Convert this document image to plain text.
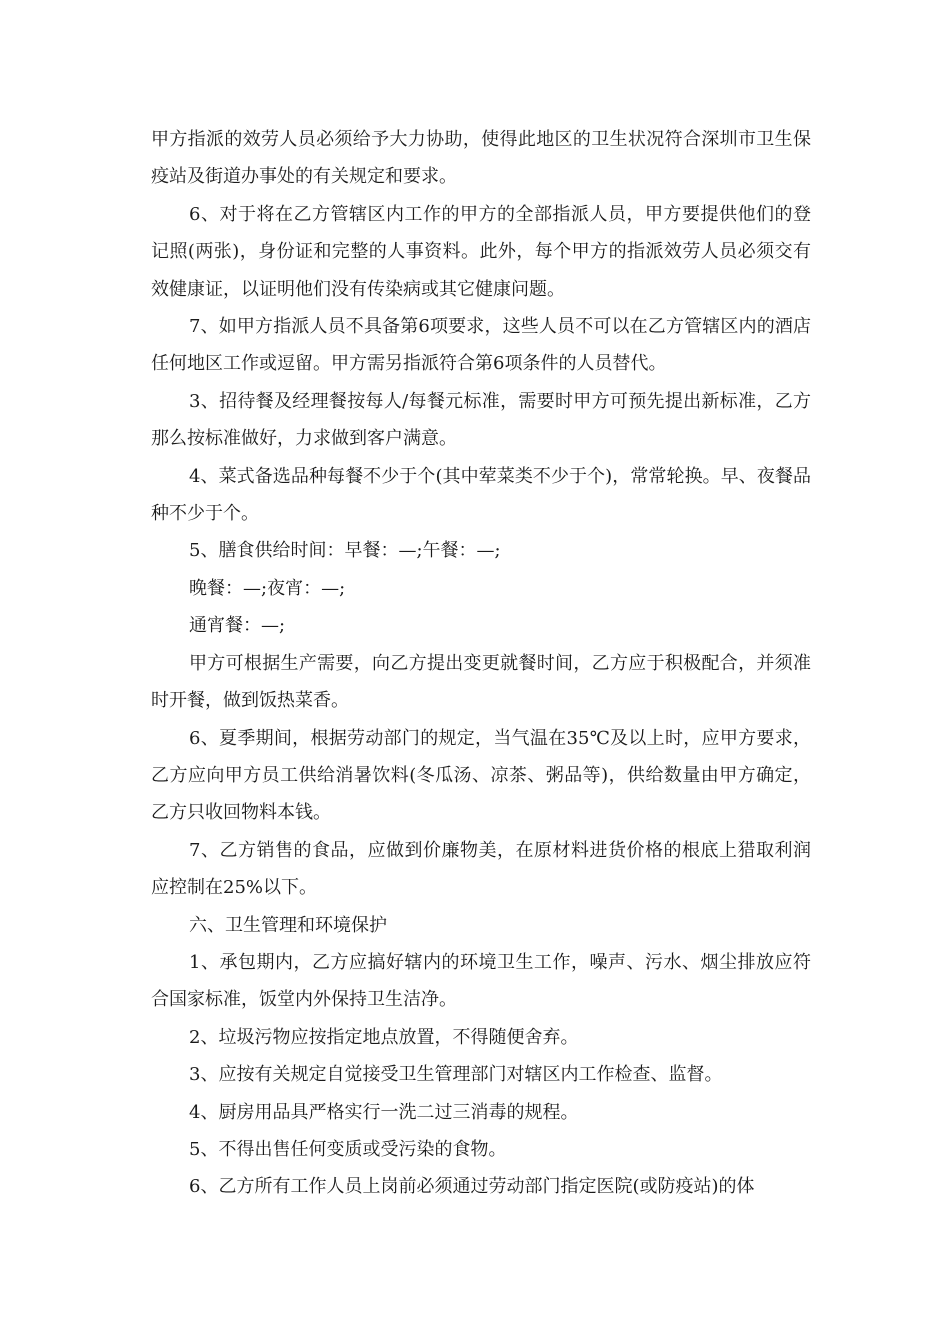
甲方指派的效劳人员必须给予大力协助，使得此地区的卫生状况符合深圳市卫生保疫站及街道办事处的有关规定和要求。

6、对于将在乙方管辖区内工作的甲方的全部指派人员，甲方要提供他们的登记照(两张)，身份证和完整的人事资料。此外，每个甲方的指派效劳人员必须交有效健康证，以证明他们没有传染病或其它健康问题。

7、如甲方指派人员不具备第6项要求，这些人员不可以在乙方管辖区内的酒店任何地区工作或逗留。甲方需另指派符合第6项条件的人员替代。

3、招待餐及经理餐按每人/每餐元标准，需要时甲方可预先提出新标准，乙方那么按标准做好，力求做到客户满意。

4、菜式备选品种每餐不少于个(其中荤菜类不少于个)，常常轮换。早、夜餐品种不少于个。

5、膳食供给时间：早餐：—;午餐：—;

晚餐：—;夜宵：—;

通宵餐：—;

甲方可根据生产需要，向乙方提出变更就餐时间，乙方应于积极配合，并须准时开餐，做到饭热菜香。

6、夏季期间，根据劳动部门的规定，当气温在35℃及以上时，应甲方要求，乙方应向甲方员工供给消暑饮料(冬瓜汤、凉茶、粥品等)，供给数量由甲方确定，乙方只收回物料本钱。

7、乙方销售的食品，应做到价廉物美，在原材料进货价格的根底上猎取利润应控制在25%以下。

六、卫生管理和环境保护

1、承包期内，乙方应搞好辖内的环境卫生工作，噪声、污水、烟尘排放应符合国家标准，饭堂内外保持卫生洁净。

2、垃圾污物应按指定地点放置，不得随便舍弃。

3、应按有关规定自觉接受卫生管理部门对辖区内工作检查、监督。

4、厨房用品具严格实行一洗二过三消毒的规程。

5、不得出售任何变质或受污染的食物。

6、乙方所有工作人员上岗前必须通过劳动部门指定医院(或防疫站)的体
